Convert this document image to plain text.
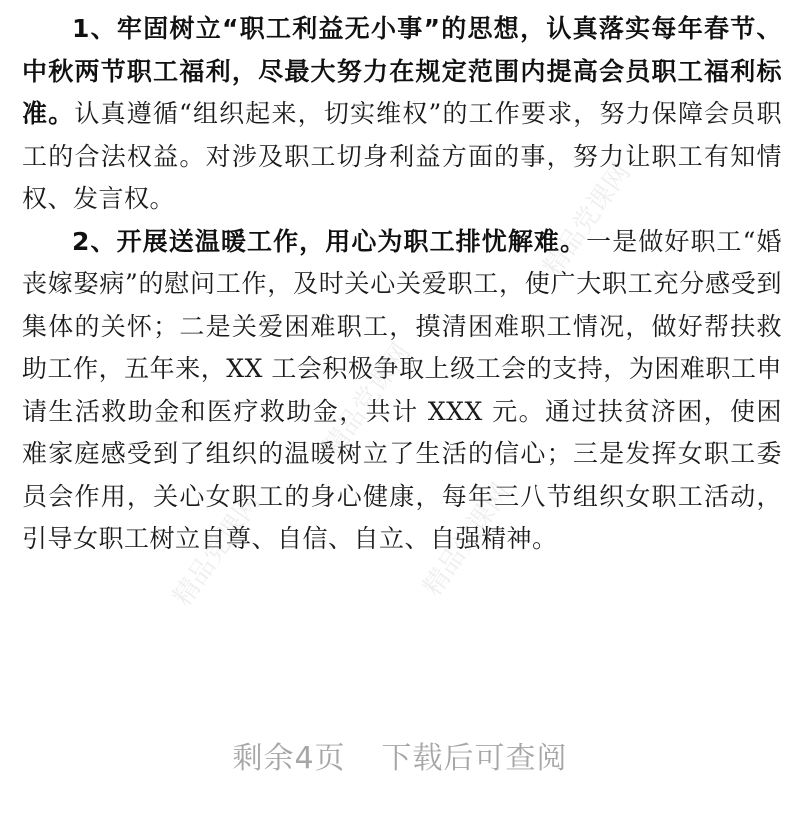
1、牢固树立“职工利益无小事”的思想，认真落实每年春节、中秋两节职工福利，尽最大努力在规定范围内提高会员职工福利标准。认真遵循“组织起来，切实维权”的工作要求，努力保障会员职工的合法权益。对涉及职工切身利益方面的事，努力让职工有知情权、发言权。

2、开展送温暖工作，用心为职工排忧解难。一是做好职工“婚丧嫁娶病”的慰问工作，及时关心关爱职工，使广大职工充分感受到集体的关怀；二是关爱困难职工，摸清困难职工情况，做好帮扶救助工作，五年来，XX 工会积极争取上级工会的支持，为困难职工申请生活救助金和医疗救助金，共计 XXX 元。通过扶贫济困，使困难家庭感受到了组织的温暖树立了生活的信心；三是发挥女职工委员会作用，关心女职工的身心健康，每年三八节组织女职工活动，引导女职工树立自尊、自信、自立、自强精神。

精品党课网
精品党课网
精品党课网
精品党课网
剩余4页 下载后可查阅
